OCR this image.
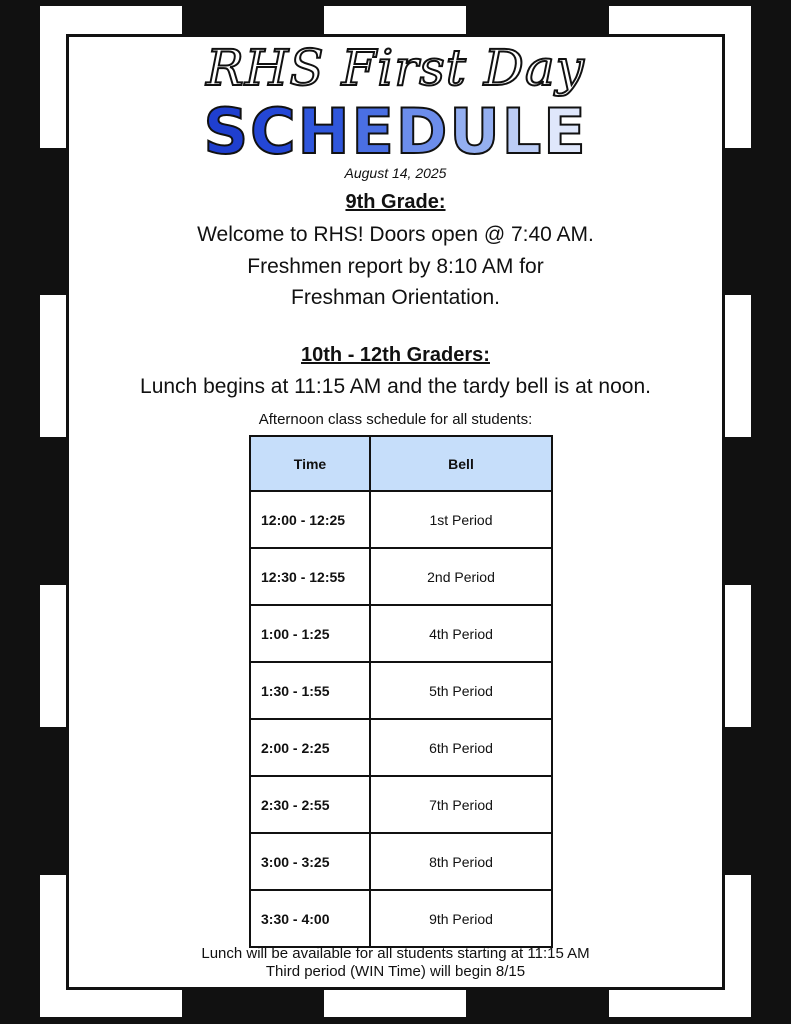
RHS First Day
SCHEDULE
August 14, 2025
9th Grade:
Welcome to RHS! Doors open @ 7:40 AM.
Freshmen report by 8:10 AM for
Freshman Orientation.
10th - 12th Graders:
Lunch begins at 11:15 AM and the tardy bell is at noon.
Afternoon class schedule for all students:
Time	Bell
12:00 - 12:25	1st Period
12:30 - 12:55	2nd Period
1:00 - 1:25	4th Period
1:30 - 1:55	5th Period
2:00 - 2:25	6th Period
2:30 - 2:55	7th Period
3:00 - 3:25	8th Period
3:30 - 4:00	9th Period
Lunch will be available for all students starting at 11:15 AM
Third period (WIN Time) will begin 8/15
